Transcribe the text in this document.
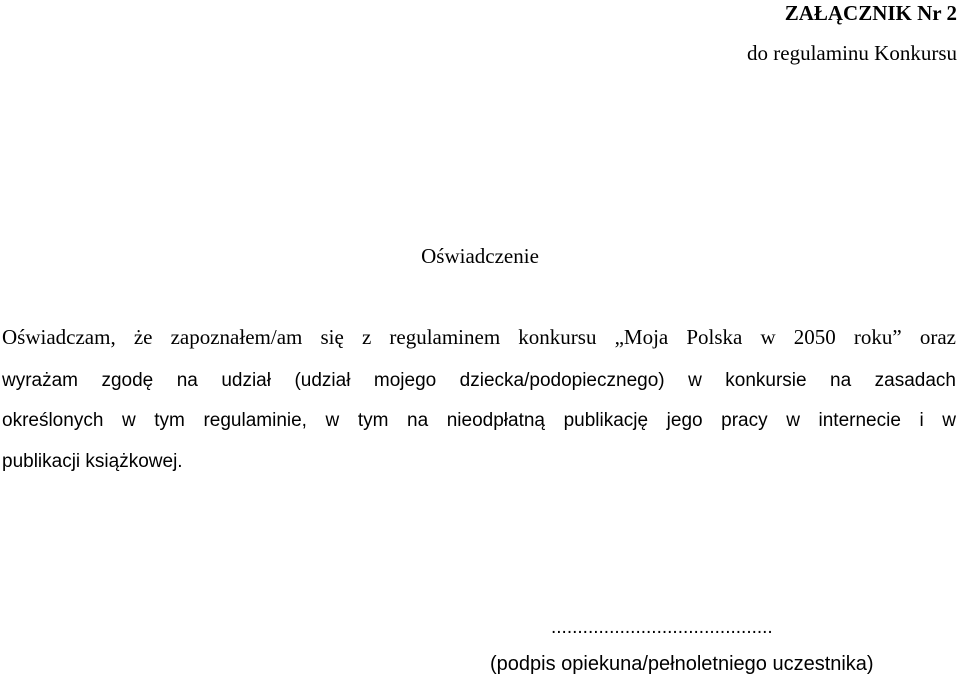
ZAŁĄCZNIK Nr 2
do regulaminu Konkursu
Oświadczenie
Oświadczam, że zapoznałem/am się z regulaminem konkursu „Moja Polska w 2050 roku” oraz
wyrażam zgodę na udział (udział mojego dziecka/podopiecznego) w konkursie na zasadach
określonych w tym regulaminie, w tym na nieodpłatną publikację jego pracy w internecie i w
publikacji książkowej.
..........................................
(podpis opiekuna/pełnoletniego uczestnika)
